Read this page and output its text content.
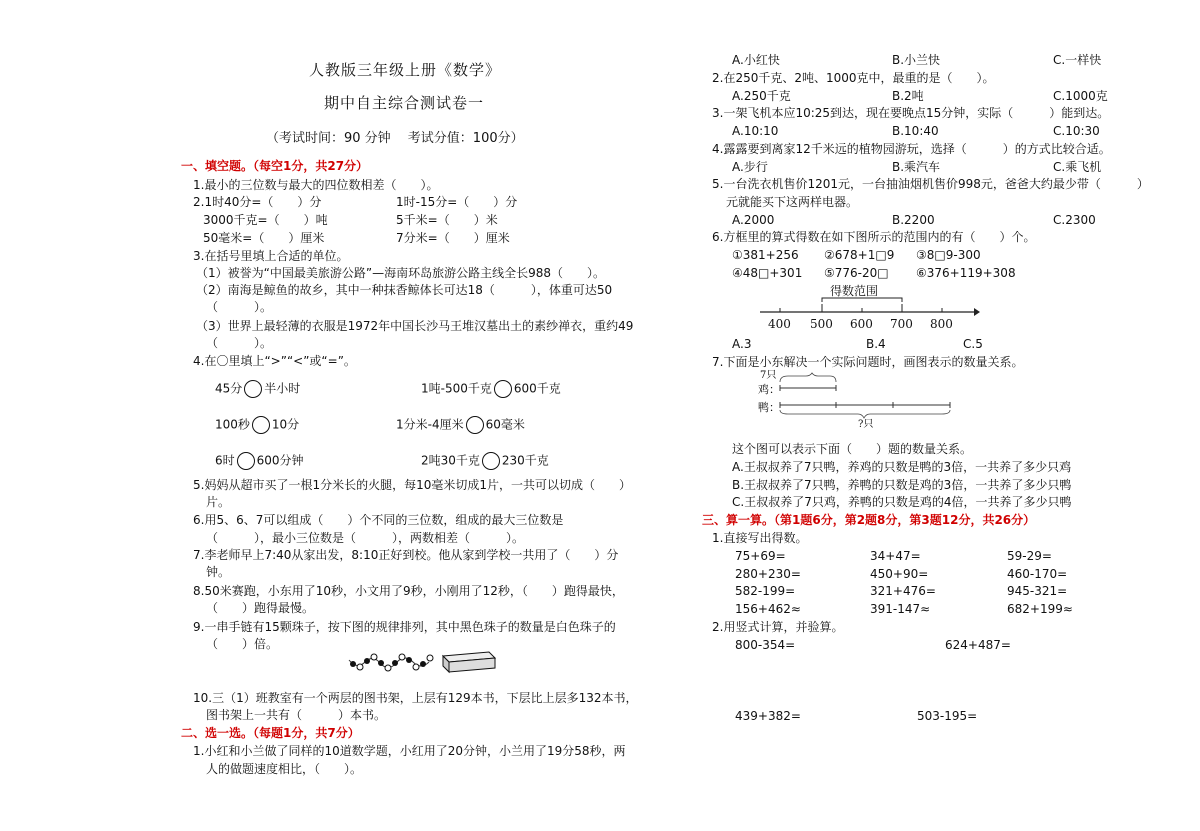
人教版三年级上册《数学》
期中自主综合测试卷一
（考试时间：90 分钟　 考试分值：100分）
一、填空题。（每空1分，共27分）
1.最小的三位数与最大的四位数相差（　　）。
2.1时40分=（　　）分	1时-15分=（　　）分
3000千克=（　　）吨	5千米=（　　）米
50毫米=（　　）厘米	7分米=（　　）厘米
3.在括号里填上合适的单位。
（1）被誉为“中国最美旅游公路”—海南环岛旅游公路主线全长988（　　）。
（2）南海是鲸鱼的故乡，其中一种抹香鲸体长可达18（　　　），体重可达50
（　　　）。
（3）世界上最轻薄的衣服是1972年中国长沙马王堆汉墓出土的素纱禅衣，重约49
（　　　）。
4.在〇里填上“>”“<”或“=”。
45分 半小时	1吨-500千克 600千克
100秒 10分	1分米-4厘米 60毫米
6时 600分钟	2吨30千克 230千克
5.妈妈从超市买了一根1分米长的火腿，每10毫米切成1片，一共可以切成（　　）
片。
6.用5、6、7可以组成（　　）个不同的三位数，组成的最大三位数是
（　　　），最小三位数是（　　　），两数相差（　　　）。
7.李老师早上7:40从家出发，8:10正好到校。他从家到学校一共用了（　　）分
钟。
8.50米赛跑，小东用了10秒，小文用了9秒，小刚用了12秒，（　　）跑得最快，
（　　）跑得最慢。
9.一串手链有15颗珠子，按下图的规律排列，其中黑色珠子的数量是白色珠子的
（　　）倍。
10.三（1）班教室有一个两层的图书架，上层有129本书，下层比上层多132本书，
图书架上一共有（　　　）本书。
二、选一选。（每题1分，共7分）
1.小红和小兰做了同样的10道数学题，小红用了20分钟，小兰用了19分58秒，两
人的做题速度相比，（　　）。
A.小红快	B.小兰快	C.一样快
2.在250千克、2吨、1000克中，最重的是（　　）。
A.250千克	B.2吨	C.1000克
3.一架飞机本应10:25到达，现在要晚点15分钟，实际（　　　）能到达。
A.10:10	B.10:40	C.10:30
4.露露要到离家12千米远的植物园游玩，选择（　　　）的方式比较合适。
A.步行	B.乘汽车	C.乘飞机
5.一台洗衣机售价1201元，一台抽油烟机售价998元，爸爸大约最少带（　　　）
元就能买下这两样电器。
A.2000	B.2200	C.2300
6.方框里的算式得数在如下图所示的范围内的有（　　）个。
①381+256 ②678+1□9 ③8□9-300
④48□+301 ⑤776-20□ ⑥376+119+308
得数范围
400 500 600 700 800
A.3	B.4	C.5
7.下面是小东解决一个实际问题时，画图表示的数量关系。
7只
鸡：
鸭：
?只
这个图可以表示下面（　　）题的数量关系。
A.王叔叔养了7只鸭，养鸡的只数是鸭的3倍，一共养了多少只鸡
B.王叔叔养了7只鸭，养鸭的只数是鸡的3倍，一共养了多少只鸭
C.王叔叔养了7只鸡，养鸭的只数是鸡的4倍，一共养了多少只鸭
三、算一算。（第1题6分，第2题8分，第3题12分，共26分）
1.直接写出得数。
75+69=	34+47=	59-29=
280+230=	450+90=	460-170=
582-199=	321+476=	945-321=
156+462≈	391-147≈	682+199≈
2.用竖式计算，并验算。
800-354=	624+487=
439+382=	503-195=
